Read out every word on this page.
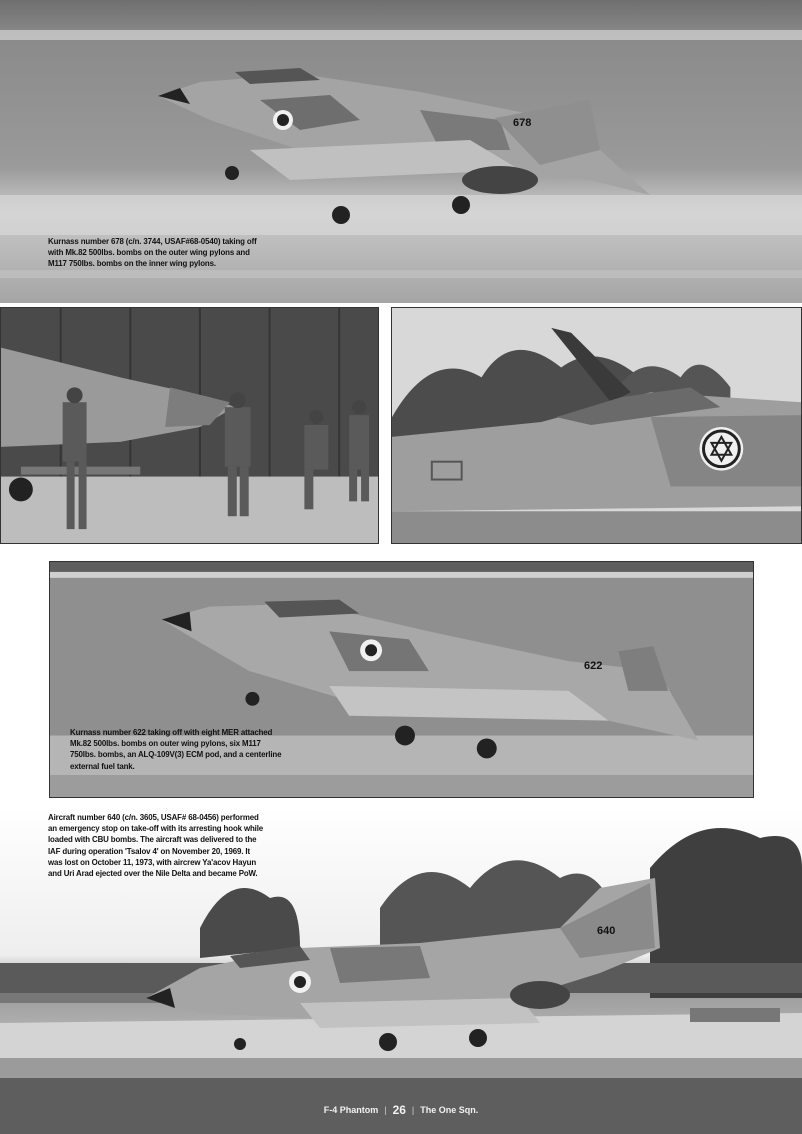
678
Kurnass number 678 (c/n. 3744, USAF#68-0540) taking off with Mk.82 500lbs. bombs on the outer wing pylons and M117 750lbs. bombs on the inner wing pylons.
622
Kurnass number 622 taking off with eight MER attached Mk.82 500lbs. bombs on outer wing pylons, six M117 750lbs. bombs, an ALQ-109V(3) ECM pod, and a centerline external fuel tank.
640
Aircraft number 640 (c/n. 3605, USAF# 68-0456) performed an emergency stop on take-off with its arresting hook while loaded with CBU bombs. The aircraft was delivered to the IAF during operation 'Tsalov 4' on November 20, 1969. It was lost on October 11, 1973, with aircrew Ya'acov Hayun and Uri Arad ejected over the Nile Delta and became PoW.
F-4 Phantom | 26 | The One Sqn.
